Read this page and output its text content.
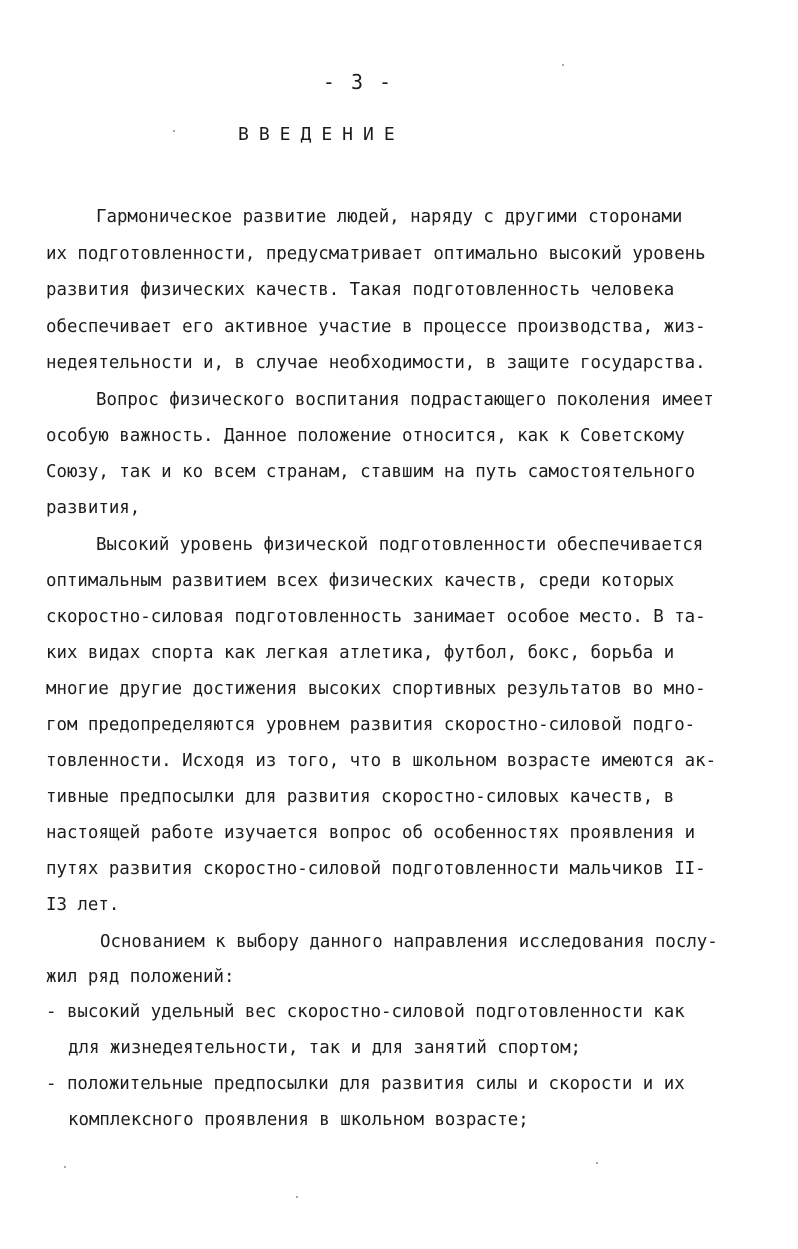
- 3 -
ВВЕДЕНИЕ
Гармоническое развитие людей, наряду с другими сторонами
их подготовленности, предусматривает оптимально высокий уровень
развития физических качеств. Такая подготовленность человека
обеспечивает его активное участие в процессе производства, жиз-
недеятельности и, в случае необходимости, в защите государства.
Вопрос физического воспитания подрастающего поколения имеет
особую важность. Данное положение относится, как к Советскому
Союзу, так и ко всем странам, ставшим на путь самостоятельного
развития,
Высокий уровень физической подготовленности обеспечивается
оптимальным развитием всех физических качеств, среди которых
скоростно-силовая подготовленность занимает особое место. В та-
ких видах спорта как легкая атлетика, футбол, бокс, борьба и
многие другие достижения высоких спортивных результатов во мно-
гом предопределяются уровнем развития скоростно-силовой подго-
товленности. Исходя из того, что в школьном возрасте имеются ак-
тивные предпосылки для развития скоростно-силовых качеств, в
настоящей работе изучается вопрос об особенностях проявления и
путях развития скоростно-силовой подготовленности мальчиков II-
I3 лет.
Основанием к выбору данного направления исследования послу-
жил ряд положений:
- высокий удельный вес скоростно-силовой подготовленности как
для жизнедеятельности, так и для занятий спортом;
- положительные предпосылки для развития силы и скорости и их
комплексного проявления в школьном возрасте;
